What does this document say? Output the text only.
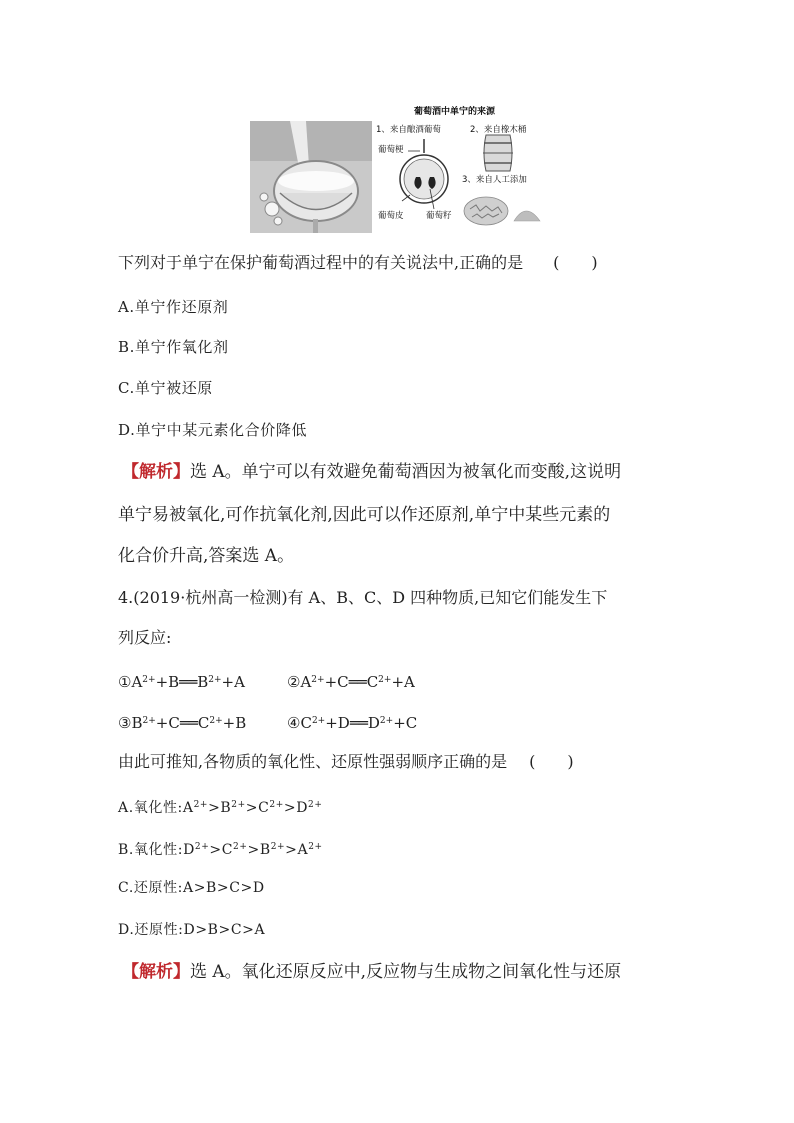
葡萄酒中单宁的来源
1、来自酿酒葡萄	2、来自橡木桶
葡萄梗
葡萄皮	葡萄籽
3、来自人工添加
下列对于单宁在保护葡萄酒过程中的有关说法中,正确的是 (　　)
A.单宁作还原剂
B.单宁作氧化剂
C.单宁被还原
D.单宁中某元素化合价降低
【解析】选 A。单宁可以有效避免葡萄酒因为被氧化而变酸,这说明
单宁易被氧化,可作抗氧化剂,因此可以作还原剂,单宁中某些元素的
化合价升高,答案选 A。
4.(2019·杭州高一检测)有 A、B、C、D 四种物质,已知它们能发生下
列反应:
$①A^{2+}+B══B^{2+}+A$	$②A^{2+}+C══C^{2+}+A$
$③B^{2+}+C══C^{2+}+B$	$④C^{2+}+D══D^{2+}+C$
由此可推知,各物质的氧化性、还原性强弱顺序正确的是 (　　)
A.氧化性$:A^{2+}>B^{2+}>C^{2+}>D^{2+}$
B.氧化性$:D^{2+}>C^{2+}>B^{2+}>A^{2+}$
C.还原性:A>B>C>D
D.还原性:D>B>C>A
【解析】选 A。氧化还原反应中,反应物与生成物之间氧化性与还原
